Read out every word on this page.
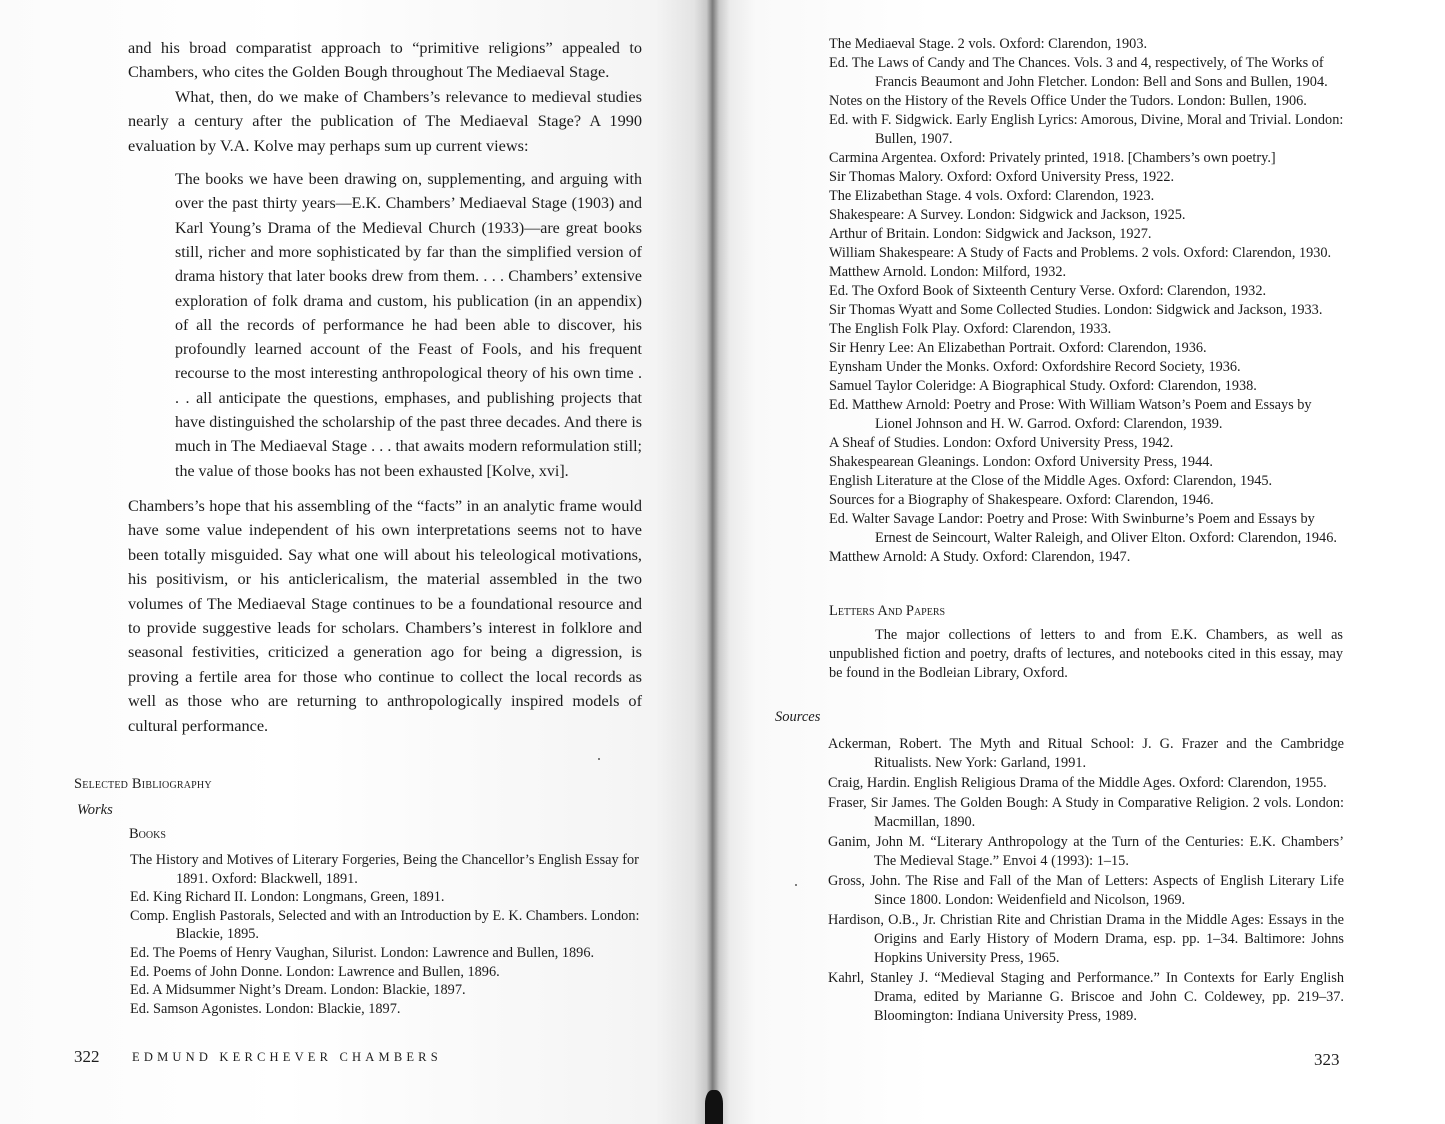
and his broad comparatist approach to “primitive religions” appealed to Chambers, who cites the Golden Bough throughout The Mediaeval Stage.

What, then, do we make of Chambers’s relevance to medieval studies nearly a century after the publication of The Mediaeval Stage? A 1990 evaluation by V.A. Kolve may perhaps sum up current views:

The books we have been drawing on, supplementing, and arguing with over the past thirty years—E.K. Chambers’ Mediaeval Stage (1903) and Karl Young’s Drama of the Medieval Church (1933)—are great books still, richer and more sophisticated by far than the simplified version of drama history that later books drew from them. . . . Chambers’ extensive exploration of folk drama and custom, his publication (in an appendix) of all the records of performance he had been able to discover, his profoundly learned account of the Feast of Fools, and his frequent recourse to the most interesting anthropological theory of his own time . . . all anticipate the questions, emphases, and publishing projects that have distinguished the scholarship of the past three decades. And there is much in The Mediaeval Stage . . . that awaits modern reformulation still; the value of those books has not been exhausted [Kolve, xvi].

Chambers’s hope that his assembling of the “facts” in an analytic frame would have some value independent of his own interpretations seems not to have been totally misguided. Say what one will about his teleological motivations, his positivism, or his anticlericalism, the material assembled in the two volumes of The Mediaeval Stage continues to be a foundational resource and to provide suggestive leads for scholars. Chambers’s interest in folklore and seasonal festivities, criticized a generation ago for being a digression, is proving a fertile area for those who continue to collect the local records as well as those who are returning to anthropologically inspired models of cultural performance.

Selected Bibliography
Works
Books

The History and Motives of Literary Forgeries, Being the Chancellor’s English Essay for 1891. Oxford: Blackwell, 1891.

Ed. King Richard II. London: Longmans, Green, 1891.

Comp. English Pastorals, Selected and with an Introduction by E. K. Chambers. London: Blackie, 1895.

Ed. The Poems of Henry Vaughan, Silurist. London: Lawrence and Bullen, 1896.

Ed. Poems of John Donne. London: Lawrence and Bullen, 1896.

Ed. A Midsummer Night’s Dream. London: Blackie, 1897.

Ed. Samson Agonistes. London: Blackie, 1897.

322	EDMUND KERCHEVER CHAMBERS

The Mediaeval Stage. 2 vols. Oxford: Clarendon, 1903.

Ed. The Laws of Candy and The Chances. Vols. 3 and 4, respectively, of The Works of Francis Beaumont and John Fletcher. London: Bell and Sons and Bullen, 1904.

Notes on the History of the Revels Office Under the Tudors. London: Bullen, 1906.

Ed. with F. Sidgwick. Early English Lyrics: Amorous, Divine, Moral and Trivial. London: Bullen, 1907.

Carmina Argentea. Oxford: Privately printed, 1918. [Chambers’s own poetry.]

Sir Thomas Malory. Oxford: Oxford University Press, 1922.

The Elizabethan Stage. 4 vols. Oxford: Clarendon, 1923.

Shakespeare: A Survey. London: Sidgwick and Jackson, 1925.

Arthur of Britain. London: Sidgwick and Jackson, 1927.

William Shakespeare: A Study of Facts and Problems. 2 vols. Oxford: Clarendon, 1930.

Matthew Arnold. London: Milford, 1932.

Ed. The Oxford Book of Sixteenth Century Verse. Oxford: Clarendon, 1932.

Sir Thomas Wyatt and Some Collected Studies. London: Sidgwick and Jackson, 1933.

The English Folk Play. Oxford: Clarendon, 1933.

Sir Henry Lee: An Elizabethan Portrait. Oxford: Clarendon, 1936.

Eynsham Under the Monks. Oxford: Oxfordshire Record Society, 1936.

Samuel Taylor Coleridge: A Biographical Study. Oxford: Clarendon, 1938.

Ed. Matthew Arnold: Poetry and Prose: With William Watson’s Poem and Essays by Lionel Johnson and H. W. Garrod. Oxford: Clarendon, 1939.

A Sheaf of Studies. London: Oxford University Press, 1942.

Shakespearean Gleanings. London: Oxford University Press, 1944.

English Literature at the Close of the Middle Ages. Oxford: Clarendon, 1945.

Sources for a Biography of Shakespeare. Oxford: Clarendon, 1946.

Ed. Walter Savage Landor: Poetry and Prose: With Swinburne’s Poem and Essays by Ernest de Seincourt, Walter Raleigh, and Oliver Elton. Oxford: Clarendon, 1946.

Matthew Arnold: A Study. Oxford: Clarendon, 1947.

Letters And Papers
The major collections of letters to and from E.K. Chambers, as well as unpublished fiction and poetry, drafts of lectures, and notebooks cited in this essay, may be found in the Bodleian Library, Oxford.
Sources

Ackerman, Robert. The Myth and Ritual School: J. G. Frazer and the Cambridge Ritualists. New York: Garland, 1991.

Craig, Hardin. English Religious Drama of the Middle Ages. Oxford: Clarendon, 1955.

Fraser, Sir James. The Golden Bough: A Study in Comparative Religion. 2 vols. London: Macmillan, 1890.

Ganim, John M. “Literary Anthropology at the Turn of the Centuries: E.K. Chambers’ The Medieval Stage.” Envoi 4 (1993): 1–15.

Gross, John. The Rise and Fall of the Man of Letters: Aspects of English Literary Life Since 1800. London: Weidenfield and Nicolson, 1969.

Hardison, O.B., Jr. Christian Rite and Christian Drama in the Middle Ages: Essays in the Origins and Early History of Modern Drama, esp. pp. 1–34. Baltimore: Johns Hopkins University Press, 1965.

Kahrl, Stanley J. “Medieval Staging and Performance.” In Contexts for Early English Drama, edited by Marianne G. Briscoe and John C. Coldewey, pp. 219–37. Bloomington: Indiana University Press, 1989.

323
